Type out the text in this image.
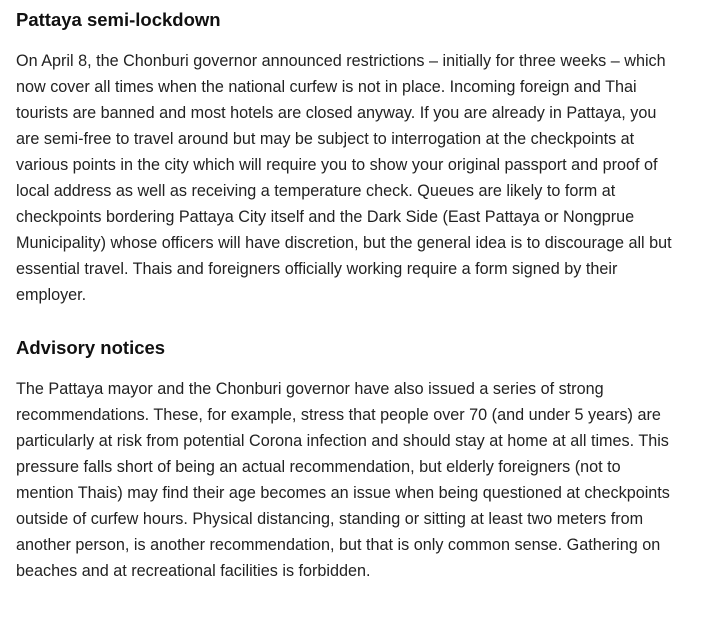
Pattaya semi-lockdown

On April 8, the Chonburi governor announced restrictions – initially for three weeks – which
now cover all times when the national curfew is not in place. Incoming foreign and Thai
tourists are banned and most hotels are closed anyway. If you are already in Pattaya, you
are semi-free to travel around but may be subject to interrogation at the checkpoints at
various points in the city which will require you to show your original passport and proof of
local address as well as receiving a temperature check. Queues are likely to form at
checkpoints bordering Pattaya City itself and the Dark Side (East Pattaya or Nongprue
Municipality) whose officers will have discretion, but the general idea is to discourage all but
essential travel. Thais and foreigners officially working require a form signed by their
employer.

Advisory notices

The Pattaya mayor and the Chonburi governor have also issued a series of strong
recommendations. These, for example, stress that people over 70 (and under 5 years) are
particularly at risk from potential Corona infection and should stay at home at all times. This
pressure falls short of being an actual recommendation, but elderly foreigners (not to
mention Thais) may find their age becomes an issue when being questioned at checkpoints
outside of curfew hours. Physical distancing, standing or sitting at least two meters from
another person, is another recommendation, but that is only common sense. Gathering on
beaches and at recreational facilities is forbidden.
